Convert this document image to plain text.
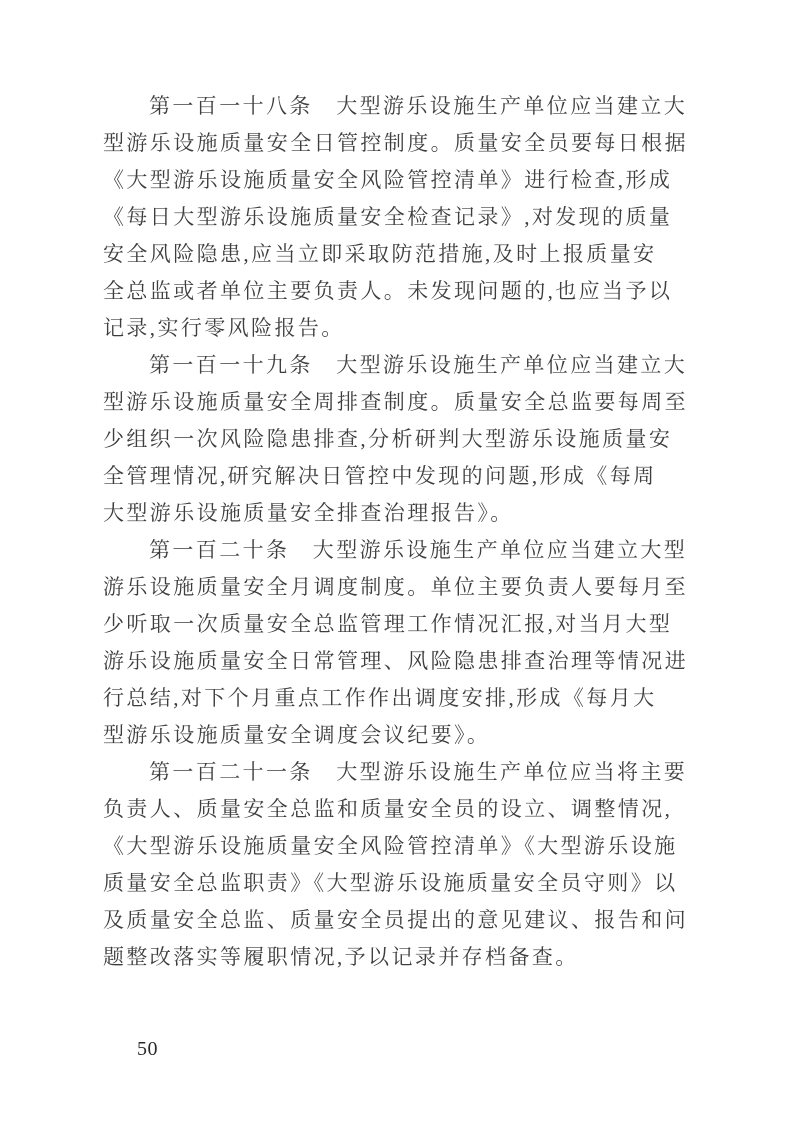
第一百一十八条　大型游乐设施生产单位应当建立大
型游乐设施质量安全日管控制度。质量安全员要每日根据
《大型游乐设施质量安全风险管控清单》进行检查,形成
《每日大型游乐设施质量安全检查记录》,对发现的质量
安全风险隐患,应当立即采取防范措施,及时上报质量安
全总监或者单位主要负责人。未发现问题的,也应当予以
记录,实行零风险报告。

第一百一十九条　大型游乐设施生产单位应当建立大
型游乐设施质量安全周排查制度。质量安全总监要每周至
少组织一次风险隐患排查,分析研判大型游乐设施质量安
全管理情况,研究解决日管控中发现的问题,形成《每周
大型游乐设施质量安全排查治理报告》。

第一百二十条　大型游乐设施生产单位应当建立大型
游乐设施质量安全月调度制度。单位主要负责人要每月至
少听取一次质量安全总监管理工作情况汇报,对当月大型
游乐设施质量安全日常管理、风险隐患排查治理等情况进
行总结,对下个月重点工作作出调度安排,形成《每月大
型游乐设施质量安全调度会议纪要》。

第一百二十一条　大型游乐设施生产单位应当将主要
负责人、质量安全总监和质量安全员的设立、调整情况,
《大型游乐设施质量安全风险管控清单》《大型游乐设施
质量安全总监职责》《大型游乐设施质量安全员守则》以
及质量安全总监、质量安全员提出的意见建议、报告和问
题整改落实等履职情况,予以记录并存档备查。

50
